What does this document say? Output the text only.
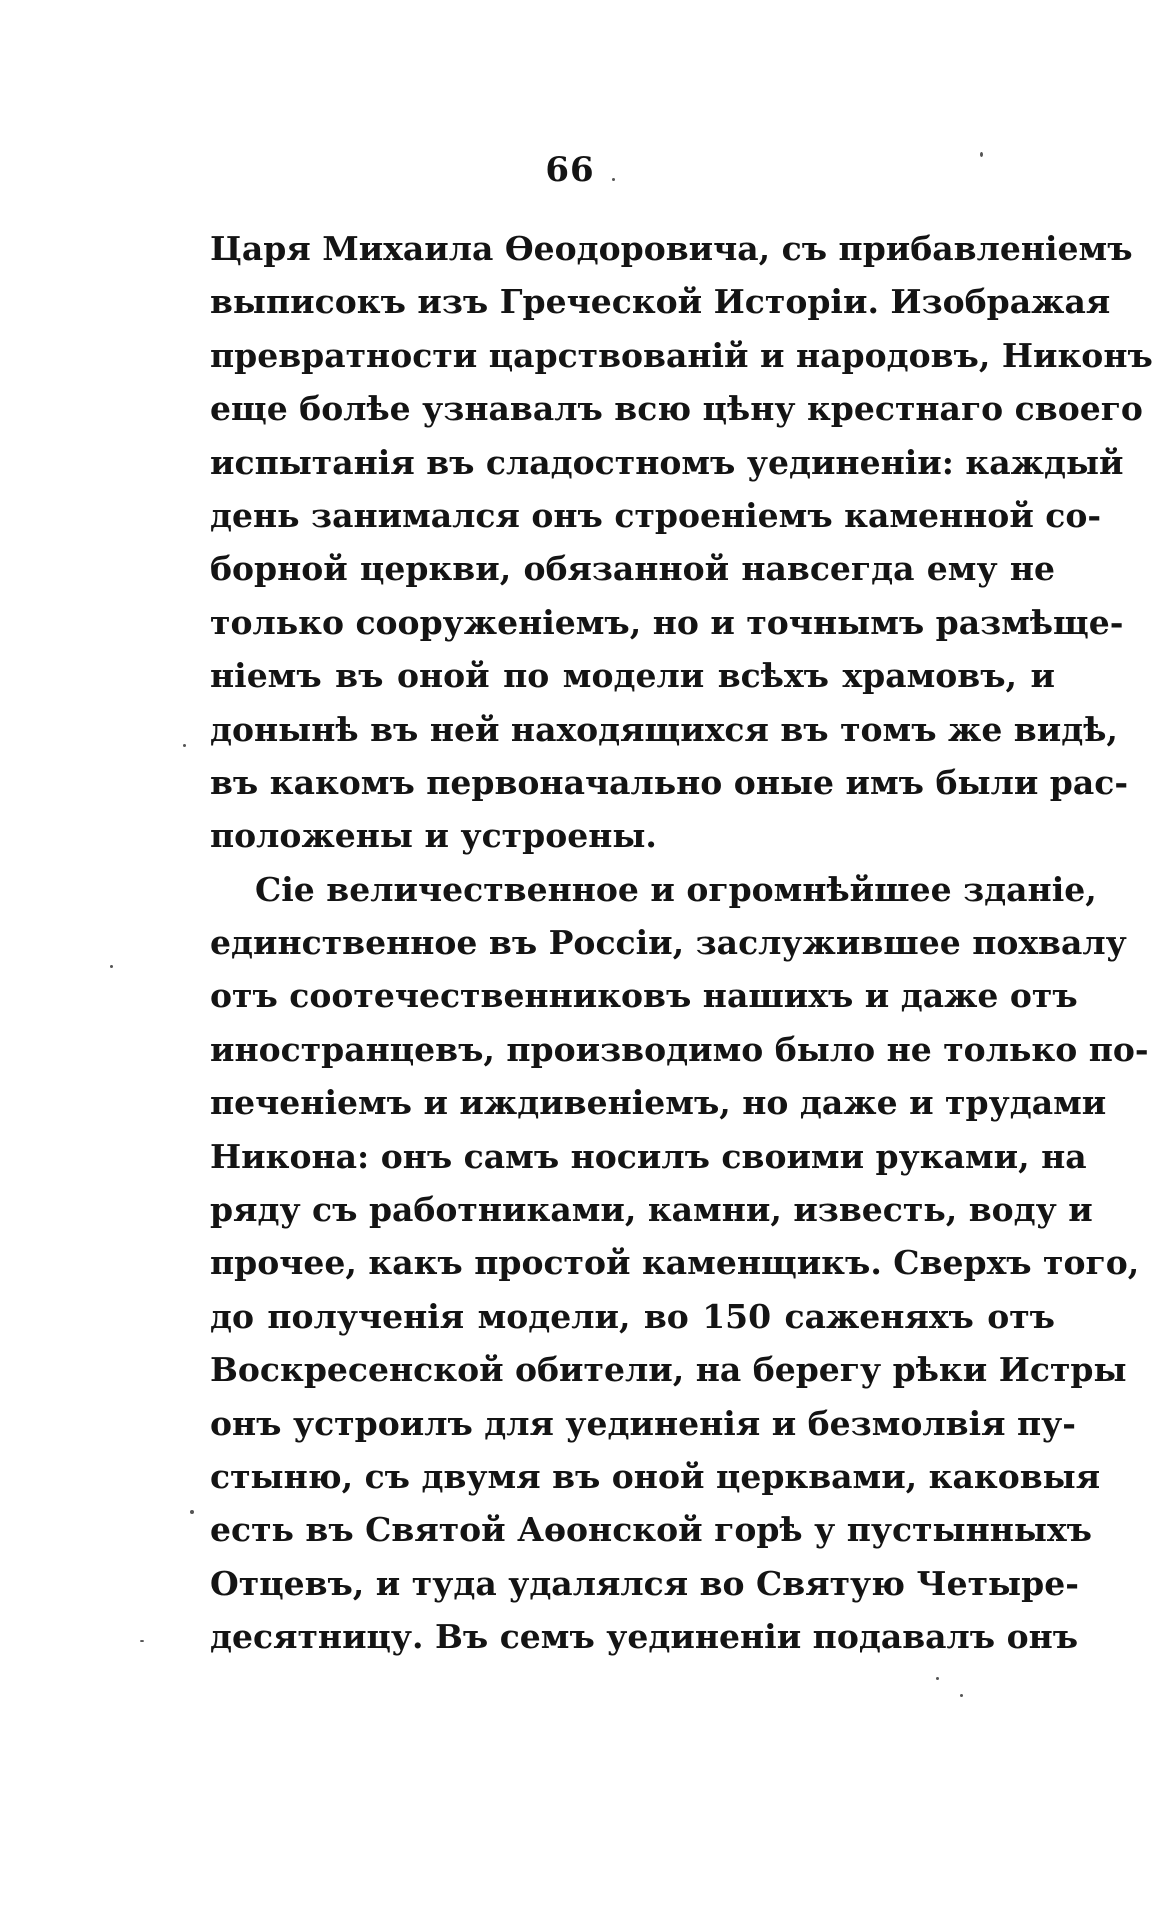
66
Царя Михаила Өеодоровича, съ прибавленіемъ
выписокъ изъ Греческой Исторіи. Изображая
превратности царствованій и народовъ, Никонъ
еще болѣе узнавалъ всю цѣну крестнаго своего
испытанія въ сладостномъ уединеніи: каждый
день занимался онъ строеніемъ каменной со-
борной церкви, обязанной навсегда ему не
только сооруженіемъ, но и точнымъ размѣще-
ніемъ въ оной по модели всѣхъ храмовъ, и
донынѣ въ ней находящихся въ томъ же видѣ,
въ какомъ первоначально оные имъ были рас-
положены и устроены.
Сіе величественное и огромнѣйшее зданіе,
единственное въ Россіи, заслужившее похвалу
отъ соотечественниковъ нашихъ и даже отъ
иностранцевъ, производимо было не только по-
печеніемъ и иждивеніемъ, но даже и трудами
Никона: онъ самъ носилъ своими руками, на
ряду съ работниками, камни, известь, воду и
прочее, какъ простой каменщикъ. Сверхъ того,
до полученія модели, во 150 саженяхъ отъ
Воскресенской обители, на берегу рѣки Истры
онъ устроилъ для уединенія и безмолвія пу-
стыню, съ двумя въ оной церквами, каковыя
есть въ Святой Аөонской горѣ у пустынныхъ
Отцевъ, и туда удалялся во Святую Четыре-
десятницу. Въ семъ уединеніи подавалъ онъ
